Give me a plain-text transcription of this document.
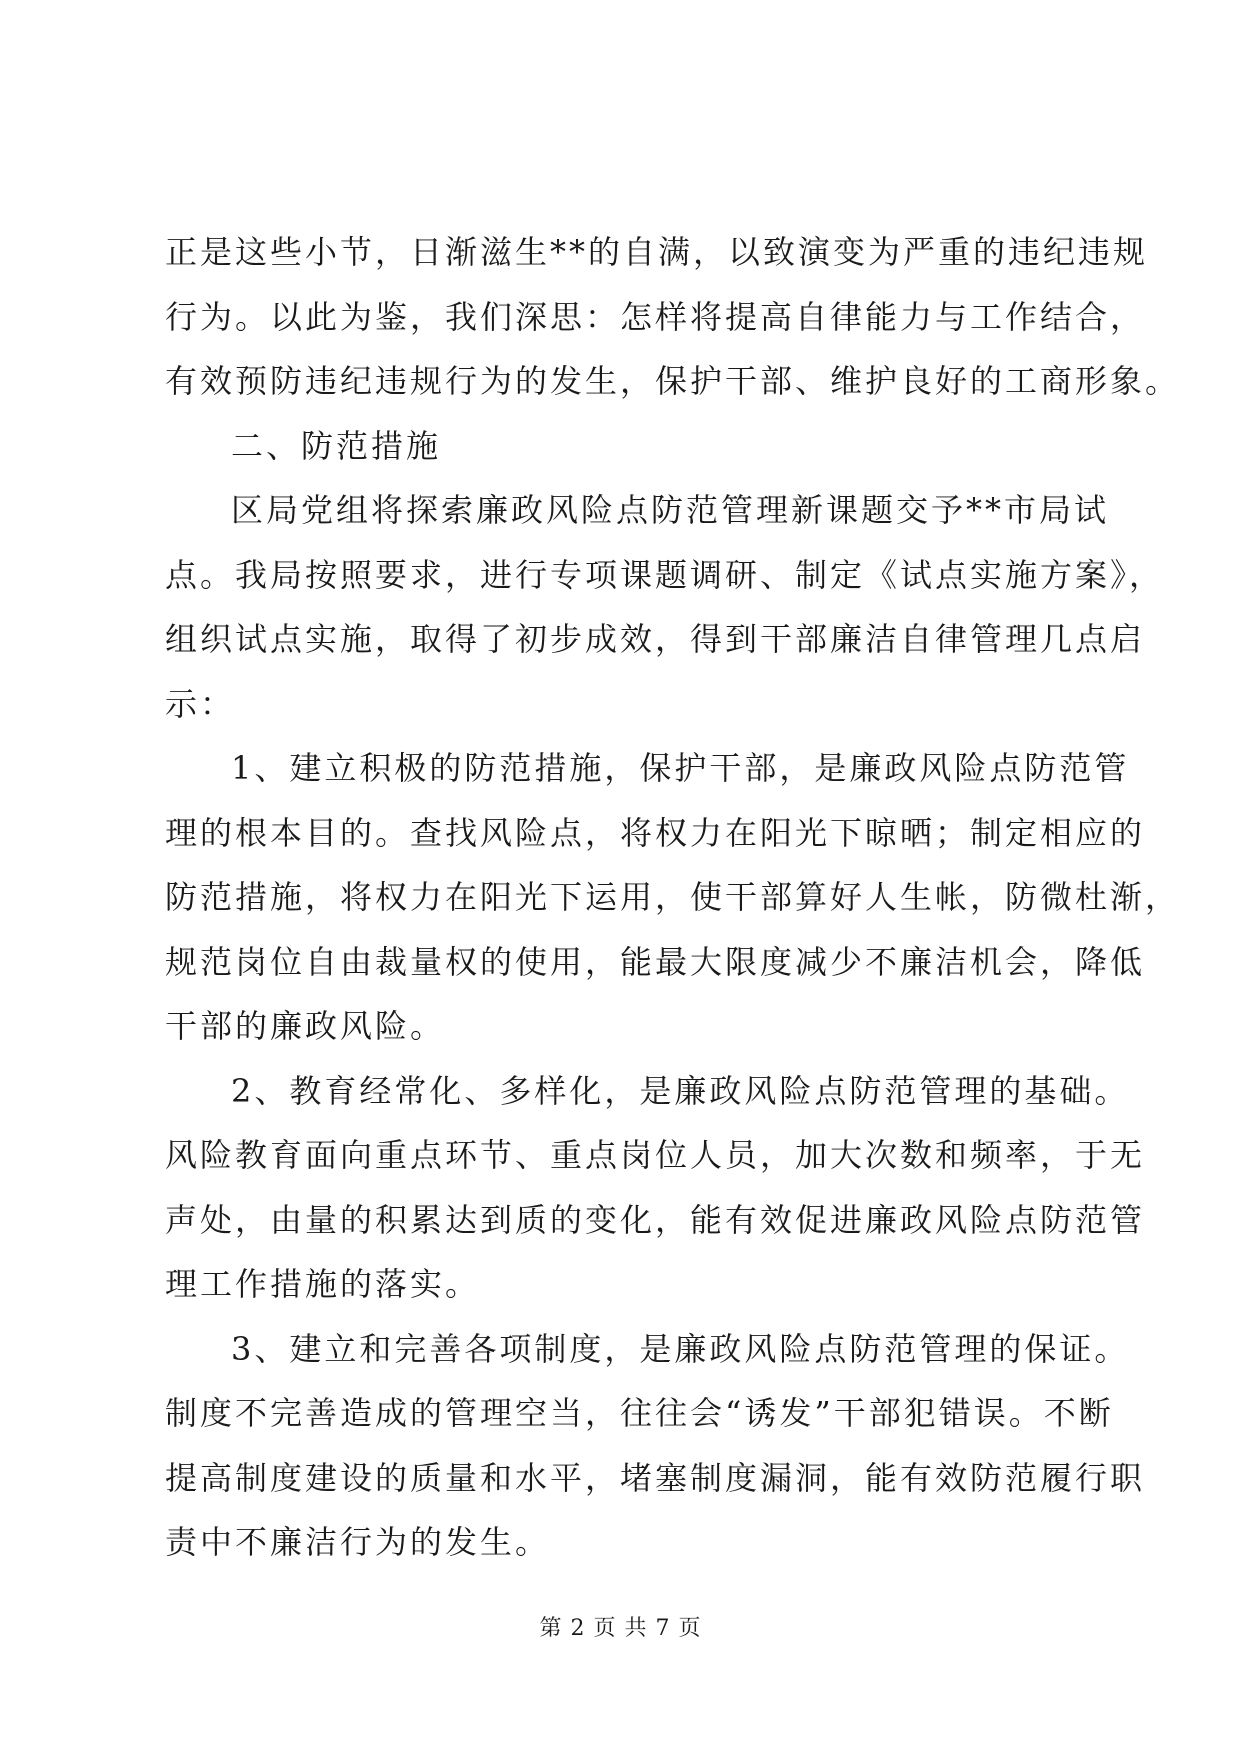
正是这些小节，日渐滋生**的自满，以致演变为严重的违纪违规
行为。以此为鉴，我们深思：怎样将提高自律能力与工作结合，
有效预防违纪违规行为的发生，保护干部、维护良好的工商形象。
二、防范措施
区局党组将探索廉政风险点防范管理新课题交予**市局试
点。我局按照要求，进行专项课题调研、制定《试点实施方案》，
组织试点实施，取得了初步成效，得到干部廉洁自律管理几点启
示：
1、建立积极的防范措施，保护干部，是廉政风险点防范管
理的根本目的。查找风险点，将权力在阳光下晾晒；制定相应的
防范措施，将权力在阳光下运用，使干部算好人生帐，防微杜渐，
规范岗位自由裁量权的使用，能最大限度减少不廉洁机会，降低
干部的廉政风险。
2、教育经常化、多样化，是廉政风险点防范管理的基础。
风险教育面向重点环节、重点岗位人员，加大次数和频率，于无
声处，由量的积累达到质的变化，能有效促进廉政风险点防范管
理工作措施的落实。
3、建立和完善各项制度，是廉政风险点防范管理的保证。
制度不完善造成的管理空当，往往会“诱发”干部犯错误。不断
提高制度建设的质量和水平，堵塞制度漏洞，能有效防范履行职
责中不廉洁行为的发生。
第 2 页 共 7 页
